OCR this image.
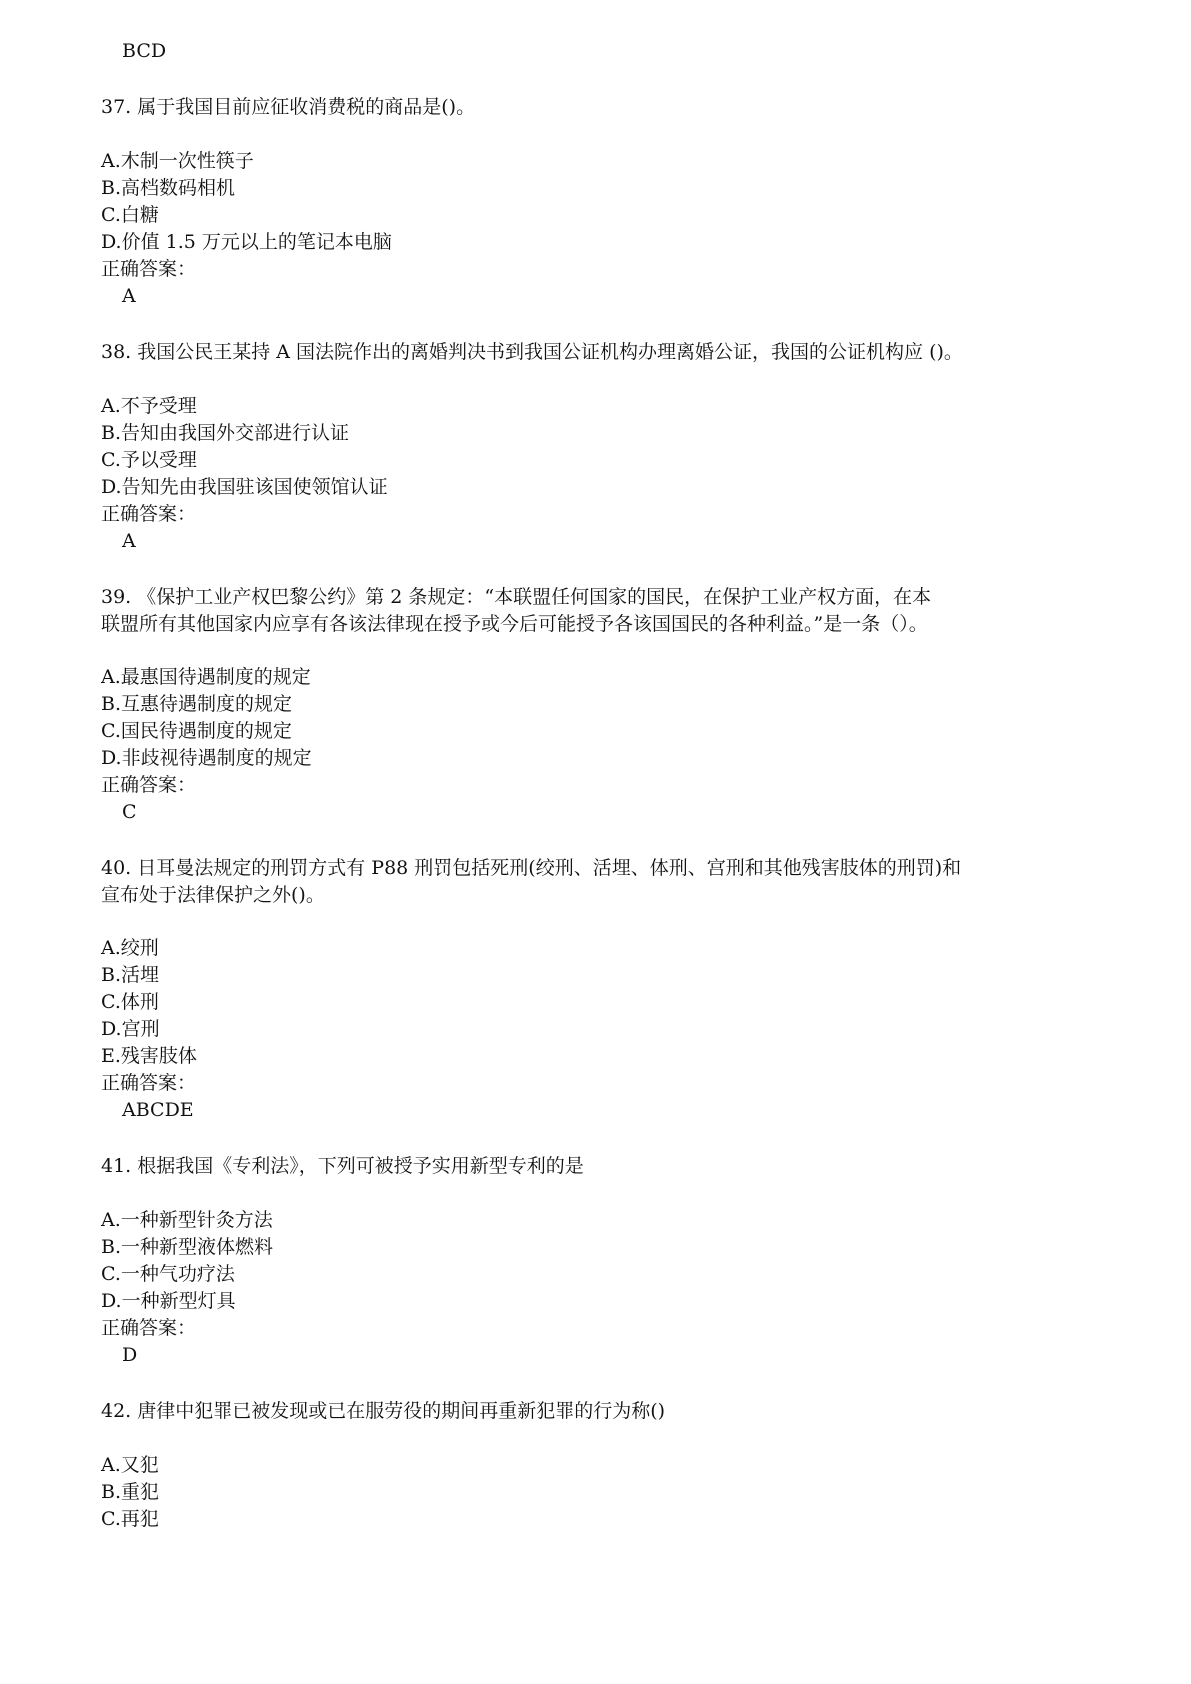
BCD
37. 属于我国目前应征收消费税的商品是()。
A.木制一次性筷子
B.高档数码相机
C.白糖
D.价值 1.5 万元以上的笔记本电脑
正确答案：
A
38. 我国公民王某持 A 国法院作出的离婚判决书到我国公证机构办理离婚公证，我国的公证机构应 ()。
A.不予受理
B.告知由我国外交部进行认证
C.予以受理
D.告知先由我国驻该国使领馆认证
正确答案：
A
39. 《保护工业产权巴黎公约》第 2 条规定：“本联盟任何国家的国民，在保护工业产权方面，在本
联盟所有其他国家内应享有各该法律现在授予或今后可能授予各该国国民的各种利益。”是一条（）。
A.最惠国待遇制度的规定
B.互惠待遇制度的规定
C.国民待遇制度的规定
D.非歧视待遇制度的规定
正确答案：
C
40. 日耳曼法规定的刑罚方式有 P88 刑罚包括死刑(绞刑、活埋、体刑、宫刑和其他残害肢体的刑罚)和
宣布处于法律保护之外()。
A.绞刑
B.活埋
C.体刑
D.宫刑
E.残害肢体
正确答案：
ABCDE
41. 根据我国《专利法》，下列可被授予实用新型专利的是
A.一种新型针灸方法
B.一种新型液体燃料
C.一种气功疗法
D.一种新型灯具
正确答案：
D
42. 唐律中犯罪已被发现或已在服劳役的期间再重新犯罪的行为称()
A.又犯
B.重犯
C.再犯
